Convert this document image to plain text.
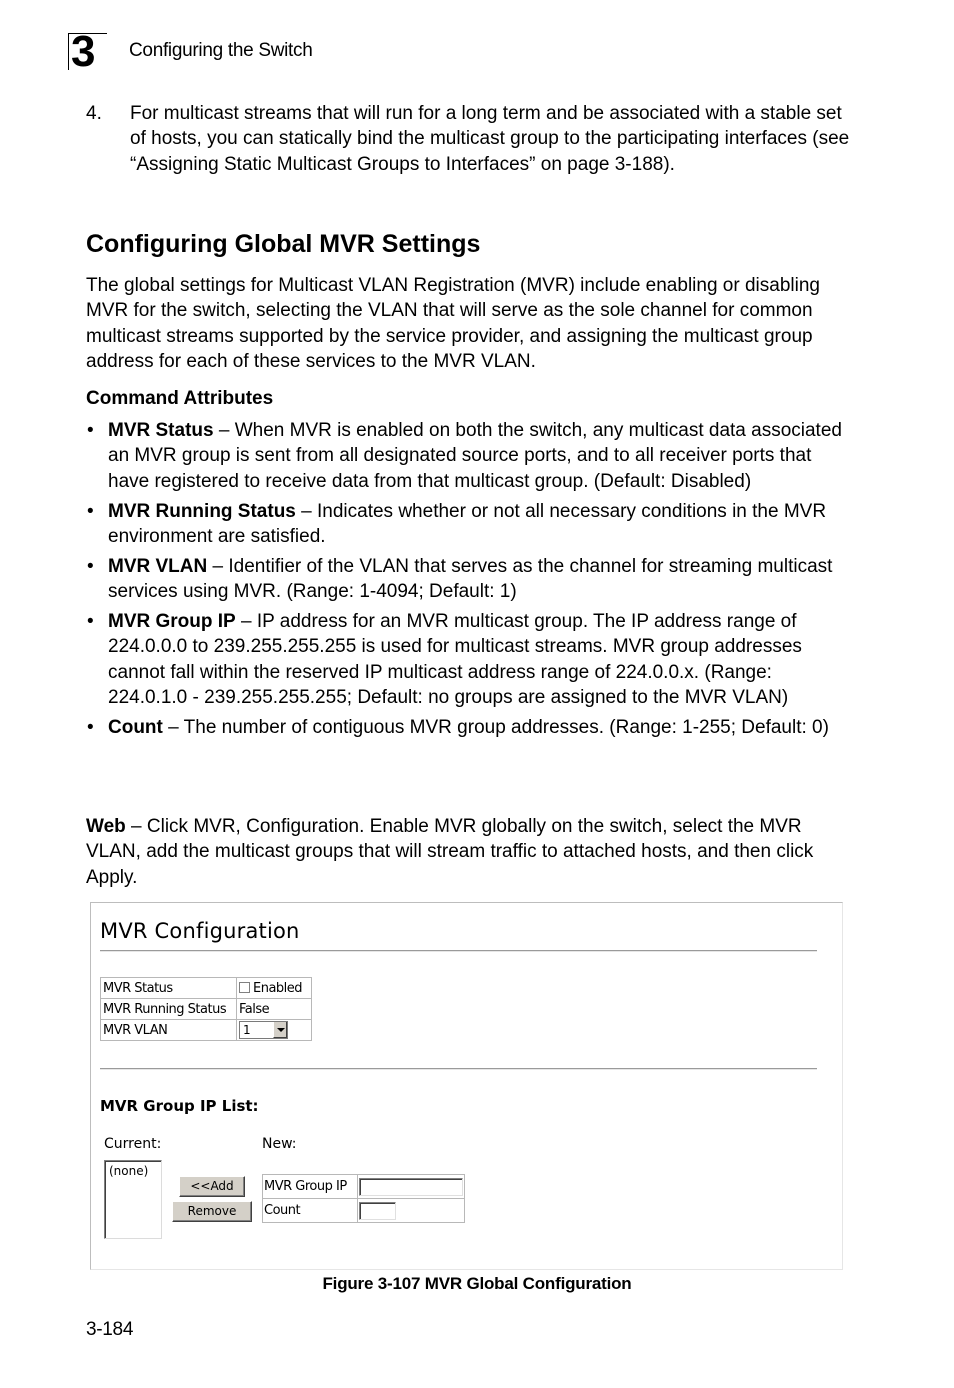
3 Configuring the Switch
4. For multicast streams that will run for a long term and be associated with a stable set of hosts, you can statically bind the multicast group to the participating interfaces (see “Assigning Static Multicast Groups to Interfaces” on page 3-188).
Configuring Global MVR Settings
The global settings for Multicast VLAN Registration (MVR) include enabling or disabling MVR for the switch, selecting the VLAN that will serve as the sole channel for common multicast streams supported by the service provider, and assigning the multicast group address for each of these services to the MVR VLAN.
Command Attributes
• MVR Status – When MVR is enabled on both the switch, any multicast data associated an MVR group is sent from all designated source ports, and to all receiver ports that have registered to receive data from that multicast group. (Default: Disabled)
• MVR Running Status – Indicates whether or not all necessary conditions in the MVR environment are satisfied.
• MVR VLAN – Identifier of the VLAN that serves as the channel for streaming multicast services using MVR. (Range: 1-4094; Default: 1)
• MVR Group IP – IP address for an MVR multicast group. The IP address range of 224.0.0.0 to 239.255.255.255 is used for multicast streams. MVR group addresses cannot fall within the reserved IP multicast address range of 224.0.0.x. (Range: 224.0.1.0 - 239.255.255.255; Default: no groups are assigned to the MVR VLAN)
• Count – The number of contiguous MVR group addresses. (Range: 1-255; Default: 0)
Web – Click MVR, Configuration. Enable MVR globally on the switch, select the MVR VLAN, add the multicast groups that will stream traffic to attached hosts, and then click Apply.
MVR Configuration
MVR Status	Enabled
MVR Running Status	False
MVR VLAN	1
MVR Group IP List:
Current:	New:
(none)
<<Add
Remove
MVR Group IP	
Count	
Figure 3-107 MVR Global Configuration
3-184
